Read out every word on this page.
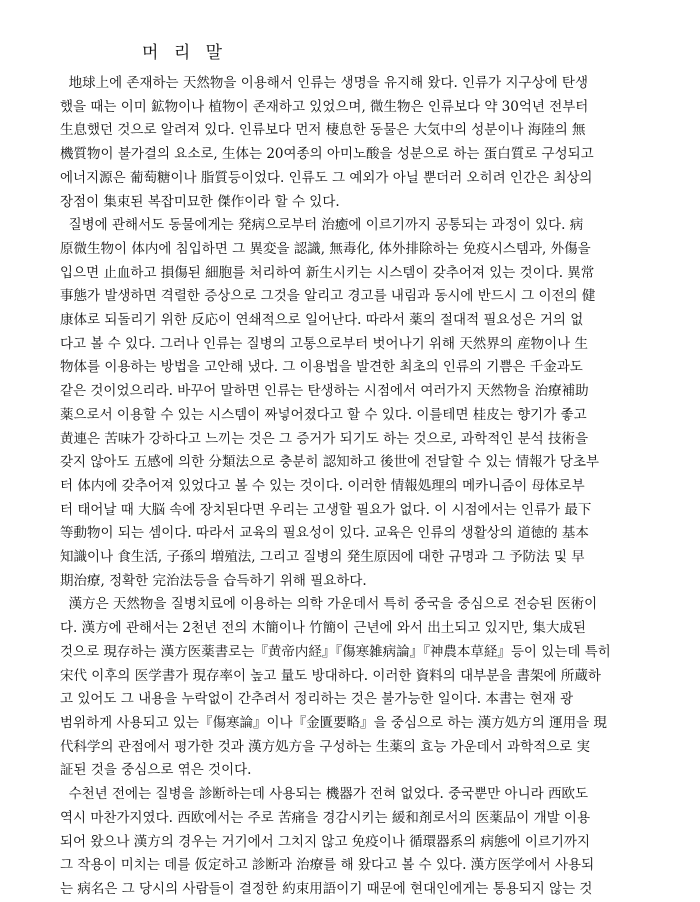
머 리 말

地球上에 존재하는 天然物을 이용해서 인류는 생명을 유지해 왔다. 인류가 지구상에 탄생
했을 때는 이미 鉱物이나 植物이 존재하고 있었으며, 微生物은 인류보다 약 30억년 전부터
生息했던 것으로 알려져 있다. 인류보다 먼저 棲息한 동물은 大気中의 성분이나 海陸의 無
機質物이 불가결의 요소로, 生体는 20여종의 아미노酸을 성분으로 하는 蛋白質로 구성되고
에너지源은 葡萄糖이나 脂質등이었다. 인류도 그 예외가 아닐 뿐더러 오히려 인간은 최상의
장점이 集束된 복잡미묘한 傑作이라 할 수 있다.

질병에 관해서도 동물에게는 発病으로부터 治癒에 이르기까지 공통되는 과정이 있다. 病
原微生物이 体内에 침입하면 그 異変을 認識, 無毒化, 体外排除하는 免疫시스템과, 外傷을
입으면 止血하고 損傷된 細胞를 처리하여 新生시키는 시스템이 갖추어져 있는 것이다. 異常
事態가 발생하면 격렬한 증상으로 그것을 알리고 경고를 내림과 동시에 반드시 그 이전의 健
康体로 되돌리기 위한 反応이 연쇄적으로 일어난다. 따라서 薬의 절대적 필요성은 거의 없
다고 볼 수 있다. 그러나 인류는 질병의 고통으로부터 벗어나기 위해 天然界의 産物이나 生
物体를 이용하는 방법을 고안해 냈다. 그 이용법을 발견한 최초의 인류의 기쁨은 千金과도
같은 것이었으리라. 바꾸어 말하면 인류는 탄생하는 시점에서 여러가지 天然物을 治療補助
薬으로서 이용할 수 있는 시스템이 짜넣어졌다고 할 수 있다. 이를테면 桂皮는 향기가 좋고
黄連은 苦味가 강하다고 느끼는 것은 그 증거가 되기도 하는 것으로, 과학적인 분석 技術을
갖지 않아도 五感에 의한 分類法으로 충분히 認知하고 後世에 전달할 수 있는 情報가 당초부
터 体内에 갖추어져 있었다고 볼 수 있는 것이다. 이러한 情報処理의 메카니즘이 母体로부
터 태어날 때 大脳 속에 장치된다면 우리는 고생할 필요가 없다. 이 시점에서는 인류가 最下
等動物이 되는 셈이다. 따라서 교육의 필요성이 있다. 교육은 인류의 생활상의 道徳的 基本
知識이나 食生活, 子孫의 増殖法, 그리고 질병의 発生原因에 대한 규명과 그 予防法 및 早
期治療, 정확한 完治法등을 습득하기 위해 필요하다.

漢方은 天然物을 질병치료에 이용하는 의학 가운데서 특히 중국을 중심으로 전승된 医術이
다. 漢方에 관해서는 2천년 전의 木簡이나 竹簡이 근년에 와서 出土되고 있지만, 集大成된
것으로 現存하는 漢方医薬書로는『黄帝内経』『傷寒雑病論』『神農本草経』등이 있는데 특히
宋代 이후의 医学書가 現存率이 높고 量도 방대하다. 이러한 資料의 대부분을 書架에 所蔵하
고 있어도 그 내용을 누락없이 간추려서 정리하는 것은 불가능한 일이다. 本書는 현재 광
범위하게 사용되고 있는『傷寒論』이나『金匱要略』을 중심으로 하는 漢方処方의 運用을 現
代科学의 관점에서 평가한 것과 漢方処方을 구성하는 生薬의 효능 가운데서 과학적으로 実
証된 것을 중심으로 엮은 것이다.

수천년 전에는 질병을 診断하는데 사용되는 機器가 전혀 없었다. 중국뿐만 아니라 西欧도
역시 마찬가지였다. 西欧에서는 주로 苦痛을 경감시키는 緩和剤로서의 医薬品이 개발 이용
되어 왔으나 漢方의 경우는 거기에서 그치지 않고 免疫이나 循環器系의 病態에 이르기까지
그 작용이 미치는 데를 仮定하고 診断과 治療를 해 왔다고 볼 수 있다. 漢方医学에서 사용되
는 病名은 그 당시의 사람들이 결정한 約束用語이기 때문에 현대인에게는 통용되지 않는 것
